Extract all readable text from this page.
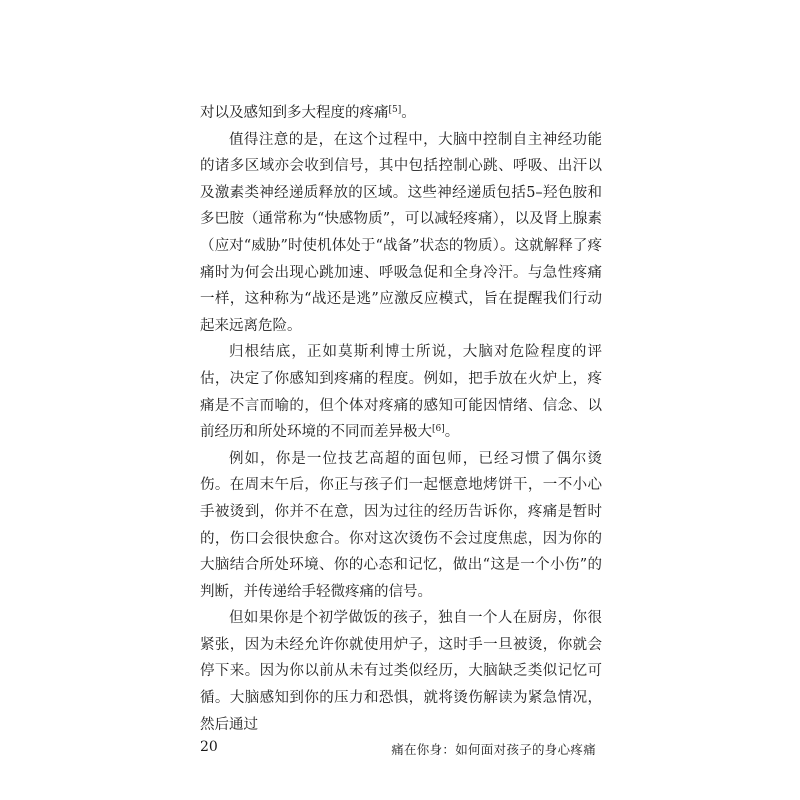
对以及感知到多大程度的疼痛[5]。

值得注意的是，在这个过程中，大脑中控制自主神经功能的诸多区域亦会收到信号，其中包括控制心跳、呼吸、出汗以及激素类神经递质释放的区域。这些神经递质包括5–羟色胺和多巴胺（通常称为“快感物质”，可以减轻疼痛），以及肾上腺素（应对“威胁”时使机体处于“战备”状态的物质）。这就解释了疼痛时为何会出现心跳加速、呼吸急促和全身冷汗。与急性疼痛一样，这种称为“战还是逃”应激反应模式，旨在提醒我们行动起来远离危险。

归根结底，正如莫斯利博士所说，大脑对危险程度的评估，决定了你感知到疼痛的程度。例如，把手放在火炉上，疼痛是不言而喻的，但个体对疼痛的感知可能因情绪、信念、以前经历和所处环境的不同而差异极大[6]。

例如，你是一位技艺高超的面包师，已经习惯了偶尔烫伤。在周末午后，你正与孩子们一起惬意地烤饼干，一不小心手被烫到，你并不在意，因为过往的经历告诉你，疼痛是暂时的，伤口会很快愈合。你对这次烫伤不会过度焦虑，因为你的大脑结合所处环境、你的心态和记忆，做出“这是一个小伤”的判断，并传递给手轻微疼痛的信号。

但如果你是个初学做饭的孩子，独自一个人在厨房，你很紧张，因为未经允许你就使用炉子，这时手一旦被烫，你就会停下来。因为你以前从未有过类似经历，大脑缺乏类似记忆可循。大脑感知到你的压力和恐惧，就将烫伤解读为紧急情况，然后通过

20	痛在你身：如何面对孩子的身心疼痛
